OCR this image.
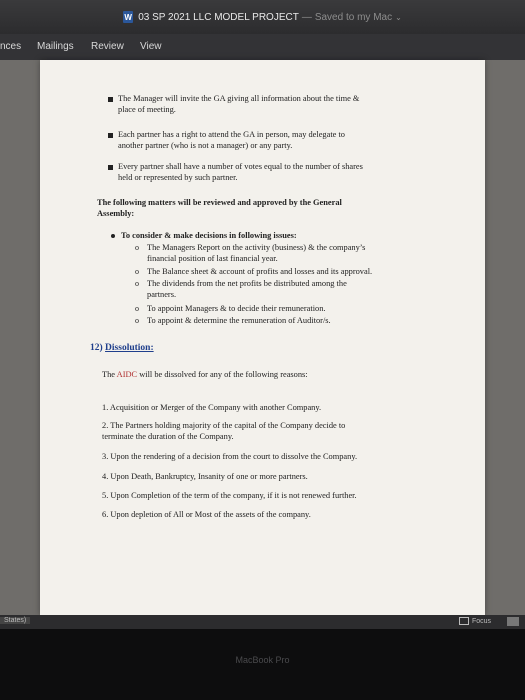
W 03 SP 2021 LLC MODEL PROJECT — Saved to my Mac ⌄
nces Mailings Review View
The Manager will invite the GA giving all information about the time &
place of meeting.
Each partner has a right to attend the GA in person, may delegate to
another partner (who is not a manager) or any party.
Every partner shall have a number of votes equal to the number of shares
held or represented by such partner.
The following matters will be reviewed and approved by the General
Assembly:
To consider & make decisions in following issues:
o The Managers Report on the activity (business) & the company’s
financial position of last financial year.
o The Balance sheet & account of profits and losses and its approval.
o The dividends from the net profits be distributed among the
partners.
o To appoint Managers & to decide their remuneration.
o To appoint & determine the remuneration of Auditor/s.
12) Dissolution:
The AIDC will be dissolved for any of the following reasons:
1. Acquisition or Merger of the Company with another Company.
2. The Partners holding majority of the capital of the Company decide to
terminate the duration of the Company.
3. Upon the rendering of a decision from the court to dissolve the Company.
4. Upon Death, Bankruptcy, Insanity of one or more partners.
5. Upon Completion of the term of the company, if it is not renewed further.
6. Upon depletion of All or Most of the assets of the company.
States)	Focus
MacBook Pro
